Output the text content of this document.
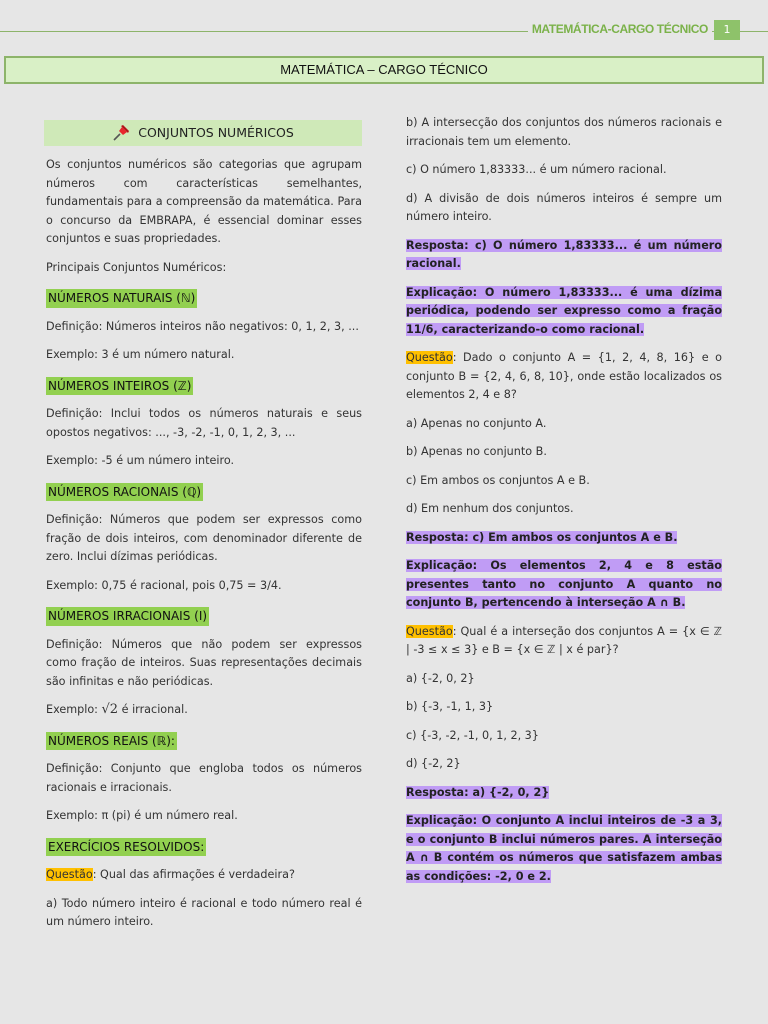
MATEMÁTICA-CARGO TÉCNICO	1
MATEMÁTICA – CARGO TÉCNICO
CONJUNTOS NUMÉRICOS

Os conjuntos numéricos são categorias que agrupam números com características semelhantes, fundamentais para a compreensão da matemática. Para o concurso da EMBRAPA, é essencial dominar esses conjuntos e suas propriedades.

Principais Conjuntos Numéricos:

NÚMEROS NATURAIS (ℕ)

Definição: Números inteiros não negativos: 0, 1, 2, 3, ...

Exemplo: 3 é um número natural.

NÚMEROS INTEIROS (ℤ)

Definição: Inclui todos os números naturais e seus opostos negativos: ..., -3, -2, -1, 0, 1, 2, 3, ...

Exemplo: -5 é um número inteiro.

NÚMEROS RACIONAIS (ℚ)

Definição: Números que podem ser expressos como fração de dois inteiros, com denominador diferente de zero. Inclui dízimas periódicas.

Exemplo: 0,75 é racional, pois 0,75 = 3/4.

NÚMEROS IRRACIONAIS (I)

Definição: Números que não podem ser expressos como fração de inteiros. Suas representações decimais são infinitas e não periódicas.

Exemplo: √2 é irracional.

NÚMEROS REAIS (ℝ):

Definição: Conjunto que engloba todos os números racionais e irracionais.

Exemplo: π (pi) é um número real.

EXERCÍCIOS RESOLVIDOS:

Questão: Qual das afirmações é verdadeira?

a) Todo número inteiro é racional e todo número real é um número inteiro.

b) A intersecção dos conjuntos dos números racionais e irracionais tem um elemento.

c) O número 1,83333... é um número racional.

d) A divisão de dois números inteiros é sempre um número inteiro.

Resposta: c) O número 1,83333... é um número racional.

Explicação: O número 1,83333... é uma dízima periódica, podendo ser expresso como a fração 11/6, caracterizando-o como racional.

Questão: Dado o conjunto A = {1, 2, 4, 8, 16} e o conjunto B = {2, 4, 6, 8, 10}, onde estão localizados os elementos 2, 4 e 8?

a) Apenas no conjunto A.

b) Apenas no conjunto B.

c) Em ambos os conjuntos A e B.

d) Em nenhum dos conjuntos.

Resposta: c) Em ambos os conjuntos A e B.

Explicação: Os elementos 2, 4 e 8 estão presentes tanto no conjunto A quanto no conjunto B, pertencendo à interseção A ∩ B.

Questão: Qual é a interseção dos conjuntos A = {x ∈ ℤ | -3 ≤ x ≤ 3} e B = {x ∈ ℤ | x é par}?

a) {-2, 0, 2}

b) {-3, -1, 1, 3}

c) {-3, -2, -1, 0, 1, 2, 3}

d) {-2, 2}

Resposta: a) {-2, 0, 2}

Explicação: O conjunto A inclui inteiros de -3 a 3, e o conjunto B inclui números pares. A interseção A ∩ B contém os números que satisfazem ambas as condições: -2, 0 e 2.
